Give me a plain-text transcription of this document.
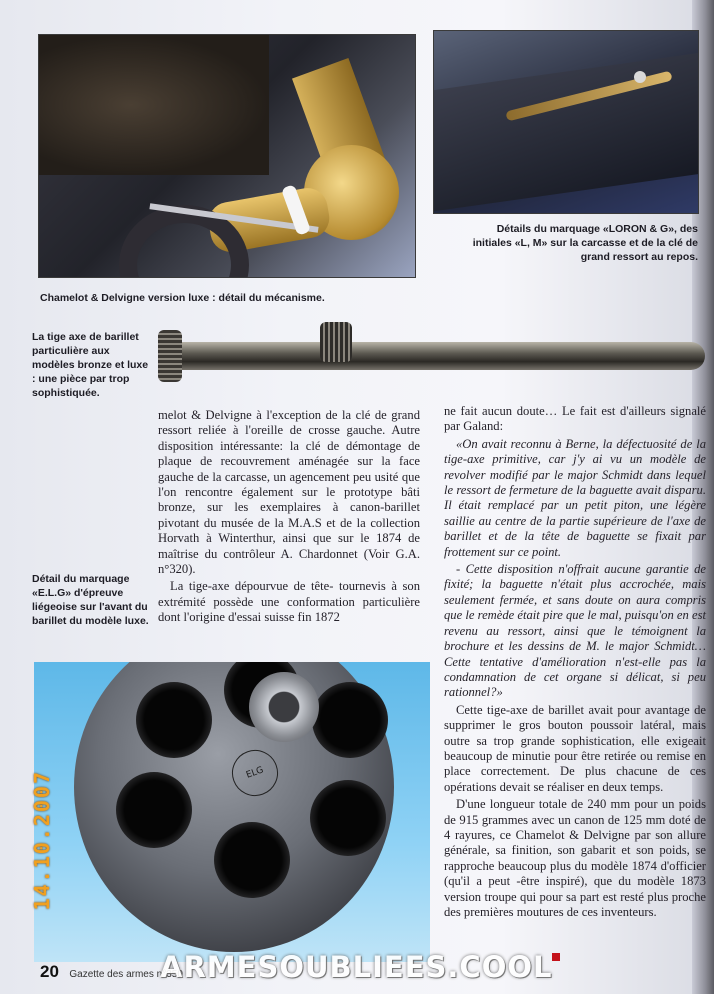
Détails du marquage «LORON & G», des initiales «L, M» sur la carcasse et de la clé de grand ressort au repos.
Chamelot & Delvigne version luxe : détail du mécanisme.
La tige axe de barillet particulière aux modèles bronze et luxe : une pièce par trop sophistiquée.

melot & Delvigne à l'exception de la clé de grand ressort reliée à l'oreille de crosse gauche. Autre disposition intéressante: la clé de démontage de plaque de recouvrement aménagée sur la face gauche de la carcasse, un agencement peu usité que l'on rencontre également sur le prototype bâti bronze, sur les exemplaires à canon-barillet pivotant du musée de la M.A.S et de la collection Horvath à Winterthur, ainsi que sur le 1874 de maîtrise du contrôleur A. Chardonnet (Voir G.A. n°320).

La tige-axe dépourvue de tête- tournevis à son extrémité possède une conformation particulière dont l'origine d'essai suisse fin 1872

ne fait aucun doute… Le fait est d'ailleurs signalé par Galand:

«On avait reconnu à Berne, la défectuosité de la tige-axe primitive, car j'y ai vu un modèle de revolver modifié par le major Schmidt dans lequel le ressort de fermeture de la baguette avait disparu. Il était remplacé par un petit piton, une légère saillie au centre de la partie supérieure de l'axe de barillet et de la tête de baguette se fixait par frottement sur ce point.

- Cette disposition n'offrait aucune garantie de fixité; la baguette n'était plus accrochée, mais seulement fermée, et sans doute on aura compris que le remède était pire que le mal, puisqu'on en est revenu au ressort, ainsi que le témoignent la brochure et les dessins de M. le major Schmidt… Cette tentative d'amélioration n'est-elle pas la condamnation de cet organe si délicat, si peu rationnel?»

Cette tige-axe de barillet avait pour avantage de supprimer le gros bouton poussoir latéral, mais outre sa trop grande sophistication, elle exigeait beaucoup de minutie pour être retirée ou remise en place correctement. De plus chacune de ces opérations devait se réaliser en deux temps.

D'une longueur totale de 240 mm pour un poids de 915 grammes avec un canon de 125 mm doté de 4 rayures, ce Chamelot & Delvigne par son allure générale, sa finition, son gabarit et son poids, se rapproche beaucoup plus du modèle 1874 d'officier (qu'il a peut -être inspiré), que du modèle 1873 version troupe qui pour sa part est resté plus proche des premières moutures de ces inventeurs.

Détail du marquage «E.L.G» d'épreuve liégeoise sur l'avant du barillet du modèle luxe.
ELG
14.10.2007
20 Gazette des armes n°350
ARMESOUBLIEES.COOL
